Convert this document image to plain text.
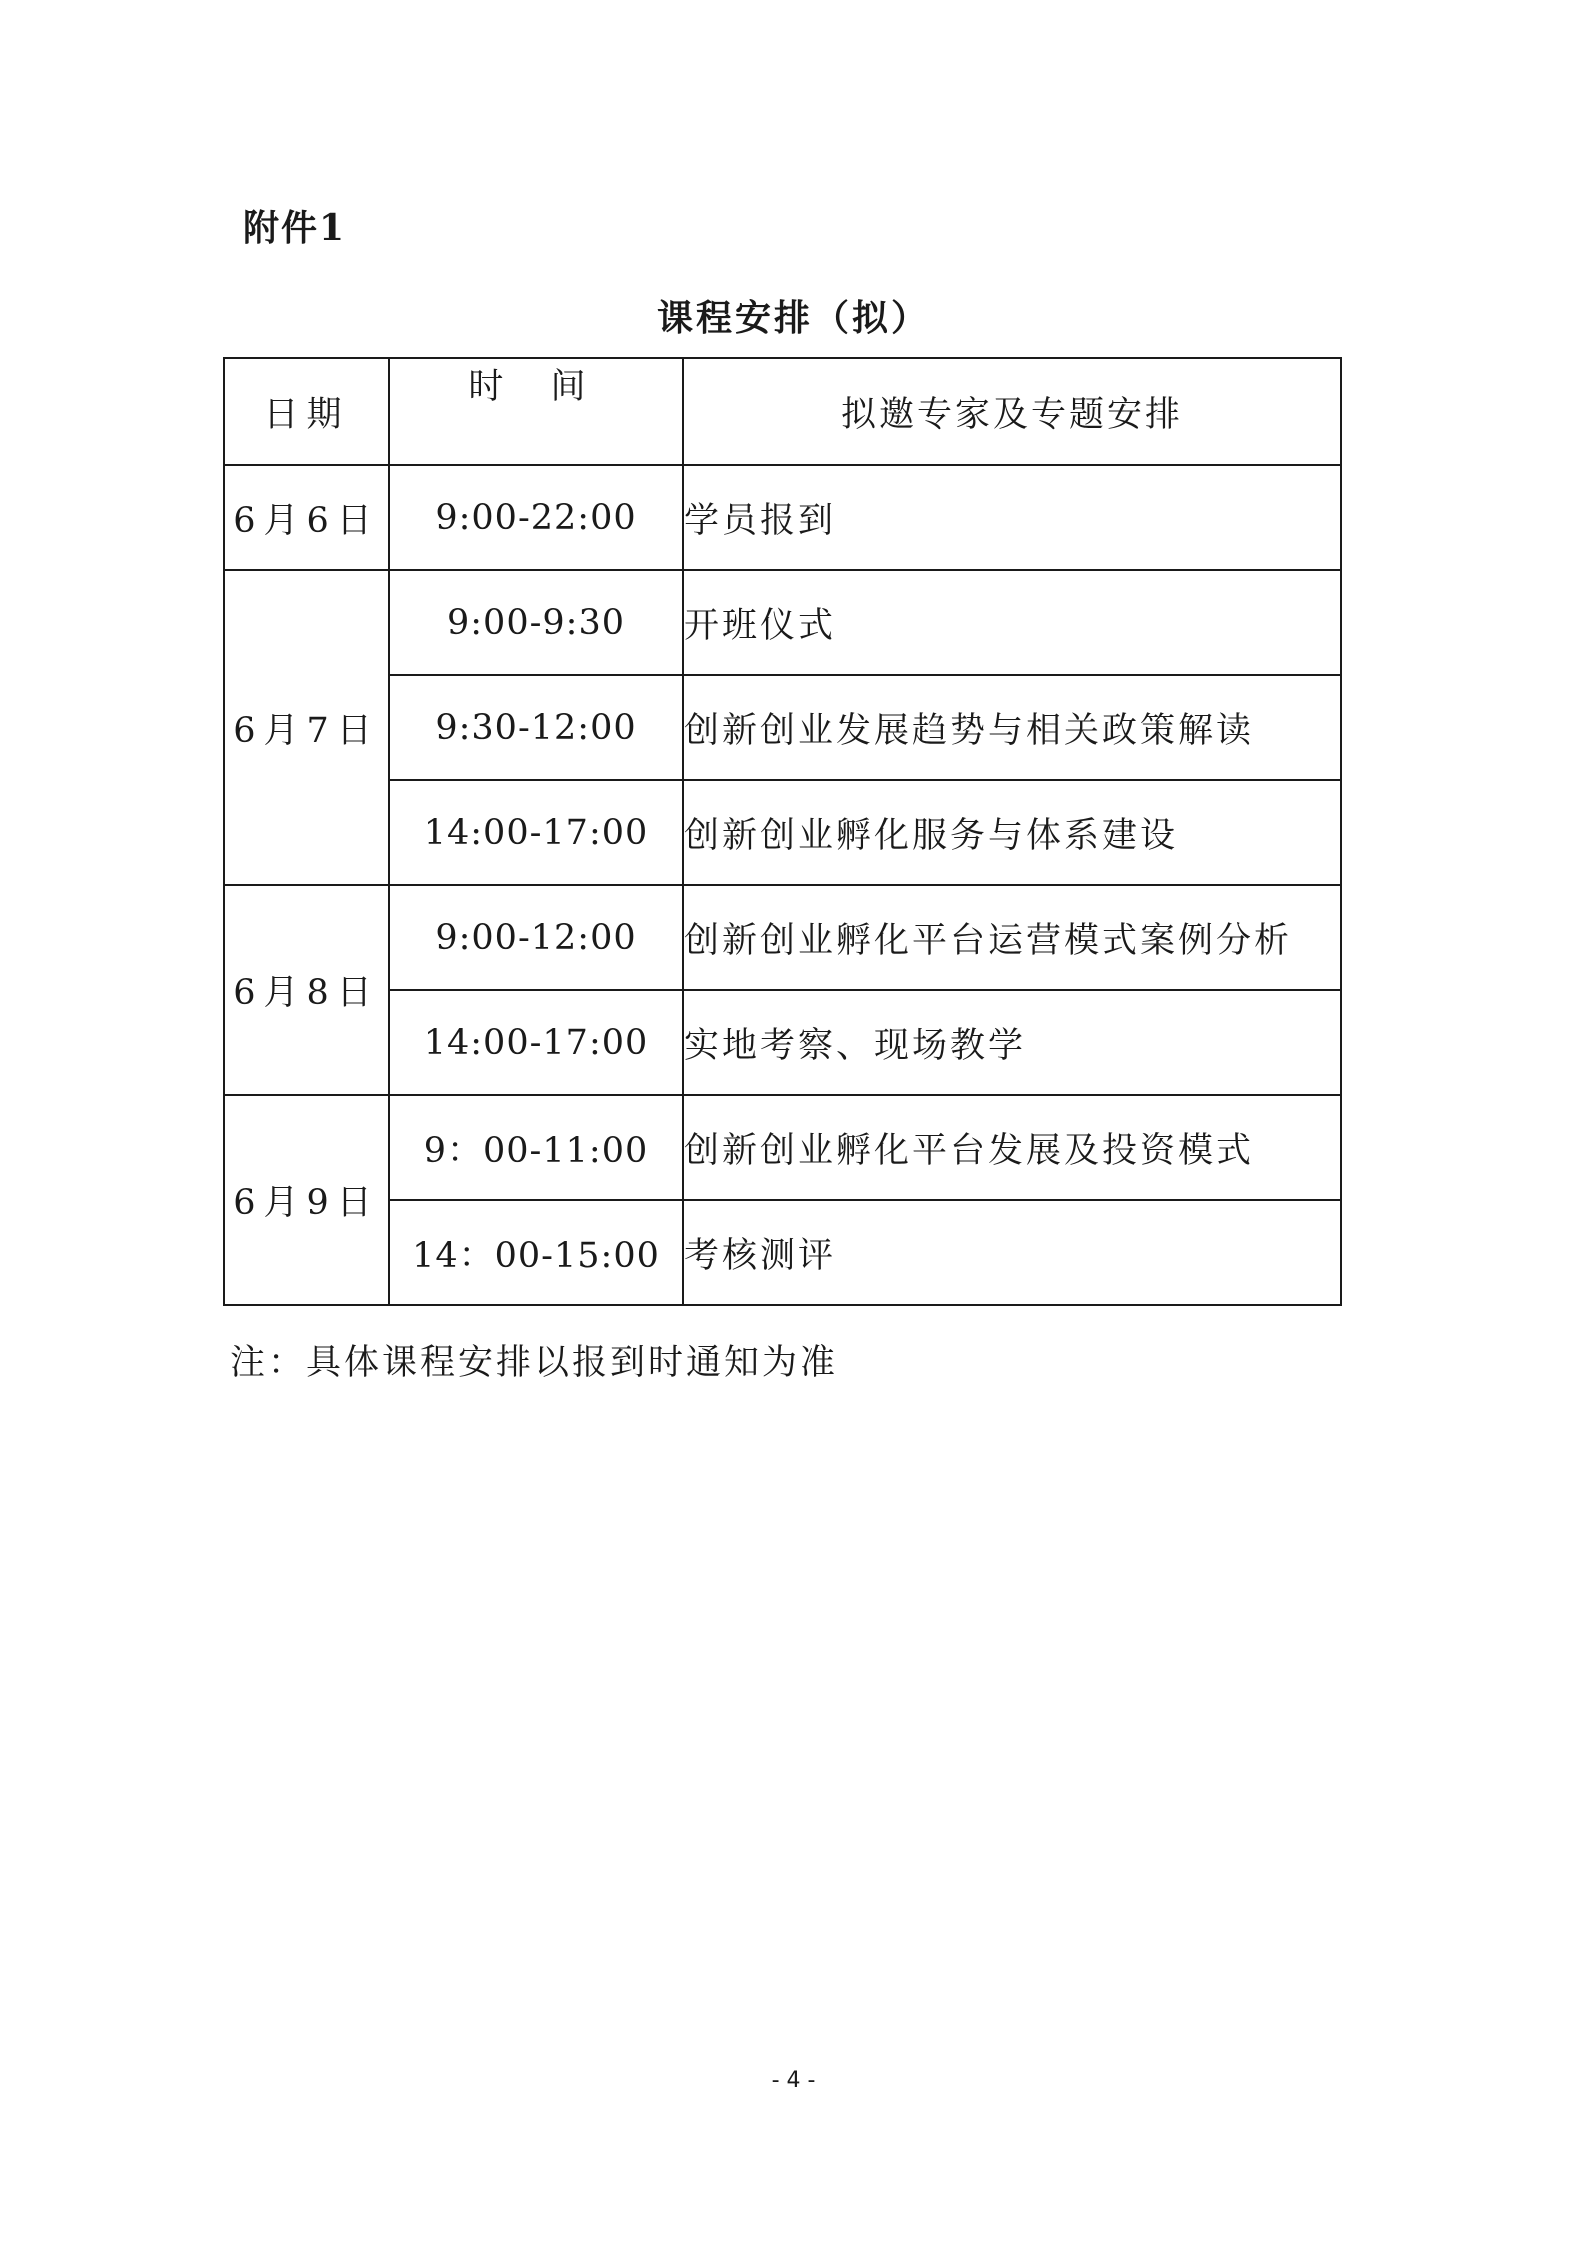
附件1
课程安排（拟）
日期	时 间	拟邀专家及专题安排
6月6日	9:00-22:00	学员报到
6月7日	9:00-9:30	开班仪式
	9:30-12:00	创新创业发展趋势与相关政策解读
	14:00-17:00	创新创业孵化服务与体系建设
6月8日	9:00-12:00	创新创业孵化平台运营模式案例分析
	14:00-17:00	实地考察、现场教学
6月9日	9：00-11:00	创新创业孵化平台发展及投资模式
	14：00-15:00	考核测评
注：具体课程安排以报到时通知为准
- 4 -
